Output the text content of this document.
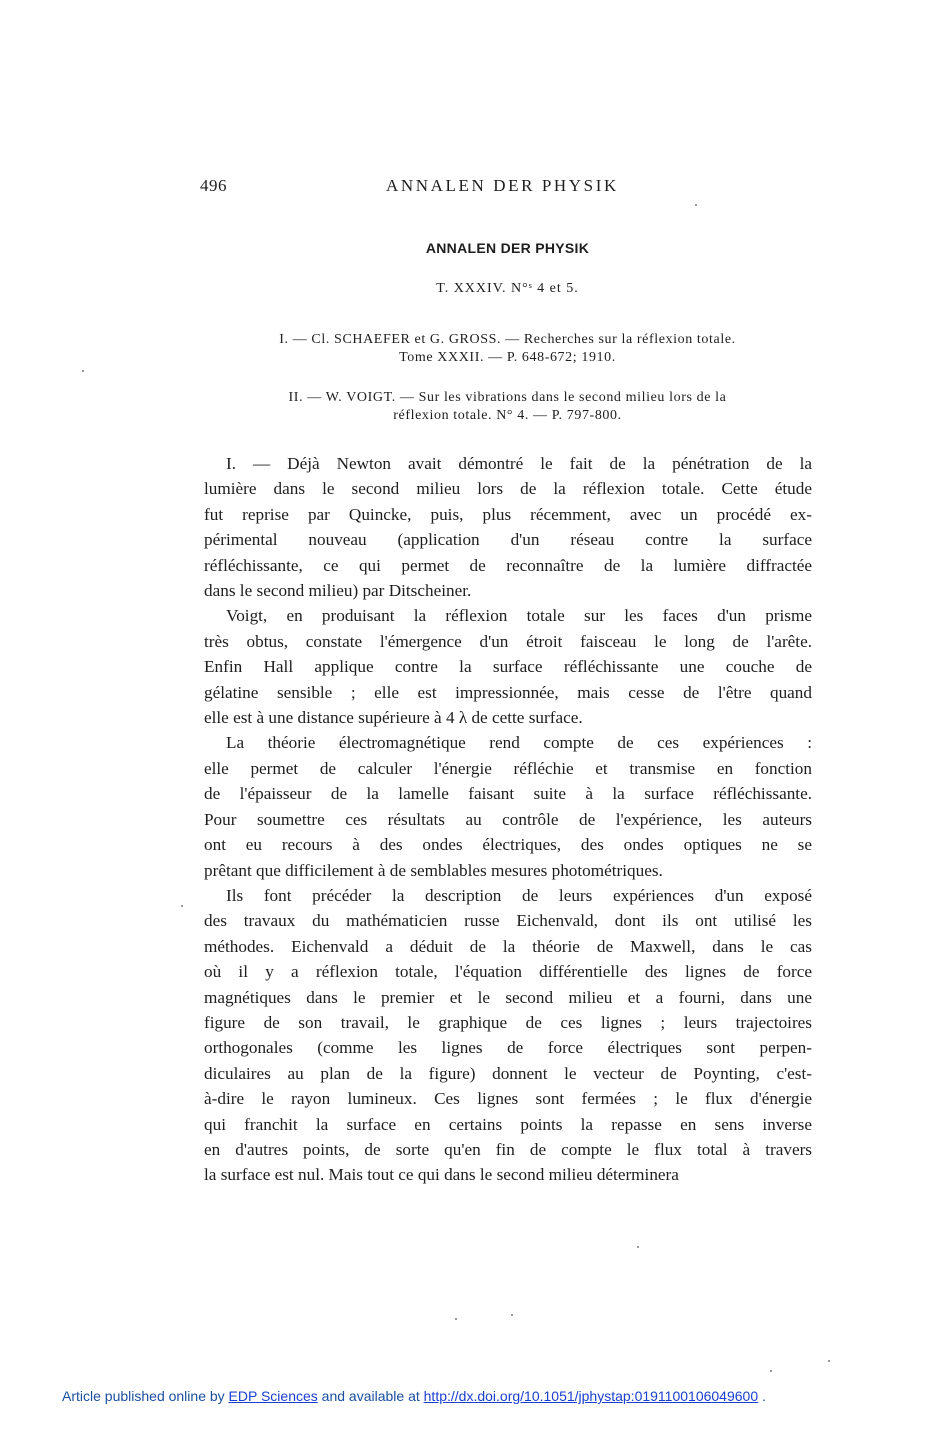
496	ANNALEN DER PHYSIK
ANNALEN DER PHYSIK
T. XXXIV. N°ˢ 4 et 5.
I. — Cl. SCHAEFER et G. GROSS. — Recherches sur la réflexion totale.
Tome XXXII. — P. 648-672; 1910.
II. — W. VOIGT. — Sur les vibrations dans le second milieu lors de la
réflexion totale. N° 4. — P. 797-800.

I. — Déjà Newton avait démontré le fait de la pénétration de la
lumière dans le second milieu lors de la réflexion totale. Cette étude
fut reprise par Quincke, puis, plus récemment, avec un procédé ex-
périmental nouveau (application d'un réseau contre la surface
réfléchissante, ce qui permet de reconnaître de la lumière diffractée
dans le second milieu) par Ditscheiner.

Voigt, en produisant la réflexion totale sur les faces d'un prisme
très obtus, constate l'émergence d'un étroit faisceau le long de l'arête.
Enfin Hall applique contre la surface réfléchissante une couche de
gélatine sensible ; elle est impressionnée, mais cesse de l'être quand
elle est à une distance supérieure à 4 λ de cette surface.

La théorie électromagnétique rend compte de ces expériences :
elle permet de calculer l'énergie réfléchie et transmise en fonction
de l'épaisseur de la lamelle faisant suite à la surface réfléchissante.
Pour soumettre ces résultats au contrôle de l'expérience, les auteurs
ont eu recours à des ondes électriques, des ondes optiques ne se
prêtant que difficilement à de semblables mesures photométriques.

Ils font précéder la description de leurs expériences d'un exposé
des travaux du mathématicien russe Eichenvald, dont ils ont utilisé les
méthodes. Eichenvald a déduit de la théorie de Maxwell, dans le cas
où il y a réflexion totale, l'équation différentielle des lignes de force
magnétiques dans le premier et le second milieu et a fourni, dans une
figure de son travail, le graphique de ces lignes ; leurs trajectoires
orthogonales (comme les lignes de force électriques sont perpen-
diculaires au plan de la figure) donnent le vecteur de Poynting, c'est-
à-dire le rayon lumineux. Ces lignes sont fermées ; le flux d'énergie
qui franchit la surface en certains points la repasse en sens inverse
en d'autres points, de sorte qu'en fin de compte le flux total à travers
la surface est nul. Mais tout ce qui dans le second milieu déterminera

Article published online by EDP Sciences and available at http://dx.doi.org/10.1051/jphystap:0191100106049600 .
